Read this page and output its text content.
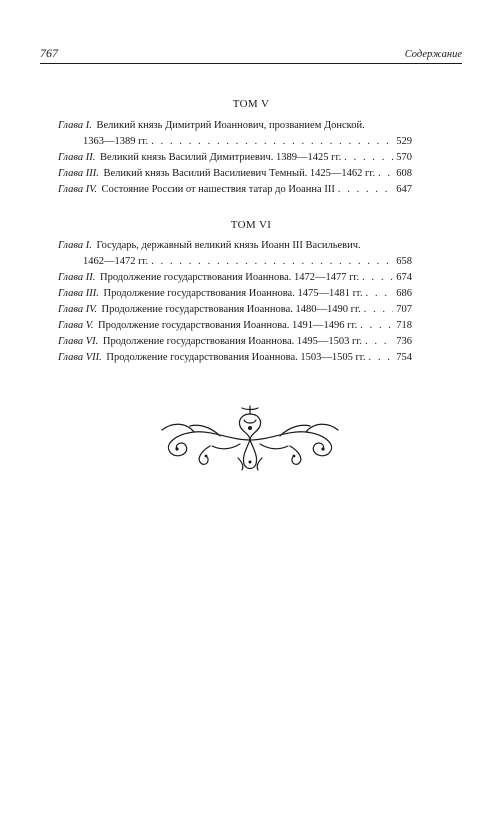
767	Содержание
ТОМ V
Глава I. Великий князь Димитрий Иоаннович, прозванием Донской.
1363—1389 гг. . . .	529
Глава II. Великий князь Василий Димитриевич. 1389—1425 гг. . . .	570
Глава III. Великий князь Василий Василиевич Темный. 1425—1462 гг. . . . 608
Глава IV. Состояние России от нашествия татар до Иоанна III . . .	647
ТОМ VI
Глава I. Государь, державный великий князь Иоанн III Васильевич.
1462—1472 гг. . . .	658
Глава II. Продолжение государствования Иоаннова. 1472—1477 гг. . . .	674
Глава III. Продолжение государствования Иоаннова. 1475—1481 гг. . . .	686
Глава IV. Продолжение государствования Иоаннова. 1480—1490 гг. . . .	707
Глава V. Продолжение государствования Иоаннова. 1491—1496 гг. . . .	718
Глава VI. Продолжение государствования Иоаннова. 1495—1503 гг. . . .	736
Глава VII. Продолжение государствования Иоаннова. 1503—1505 гг. . . .	754
